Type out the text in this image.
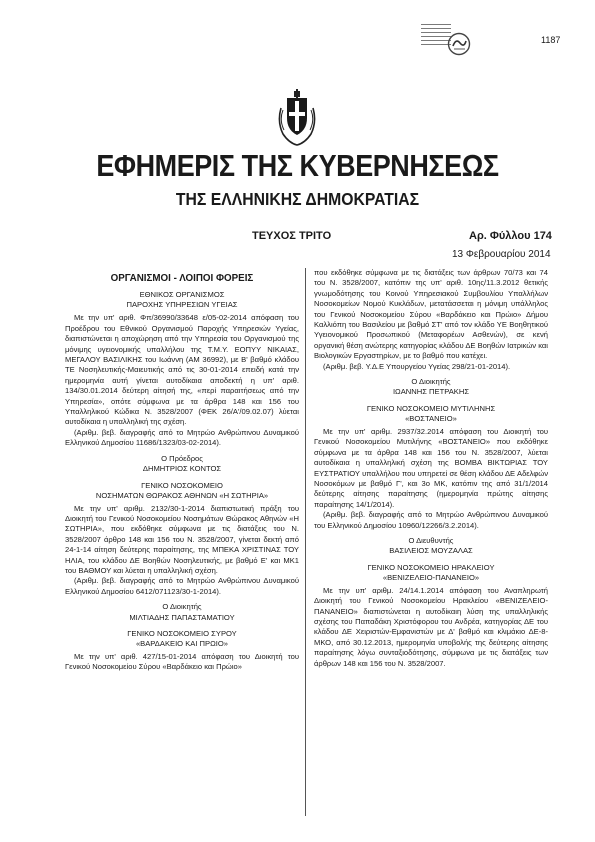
1187
ΕΦΗΜΕΡΙΣ ΤΗΣ ΚΥΒΕΡΝΗΣΕΩΣ
ΤΗΣ ΕΛΛΗΝΙΚΗΣ ΔΗΜΟΚΡΑΤΙΑΣ
ΤΕΥΧΟΣ ΤΡΙΤΟ	Αρ. Φύλλου 174
13 Φεβρουαρίου 2014
ΟΡΓΑΝΙΣΜΟΙ - ΛΟΙΠΟΙ ΦΟΡΕΙΣ
ΕΘΝΙΚΟΣ ΟΡΓΑΝΙΣΜΟΣ
ΠΑΡΟΧΗΣ ΥΠΗΡΕΣΙΩΝ ΥΓΕΙΑΣ

Με την υπ' αριθ. Φπ/36990/33648 ε/05-02-2014 απόφαση του Προέδρου του Εθνικού Οργανισμού Παροχής Υπηρεσιών Υγείας, διαπιστώνεται η αποχώρηση από την Υπηρεσία του Οργανισμού της μόνιμης υγειονομικής υπαλλήλου της Τ.Μ.Υ. ΕΟΠΥΥ ΝΙΚΑΙΑΣ, ΜΕΓΑΛΟΥ ΒΑΣΙΛΙΚΗΣ του Ιωάννη (ΑΜ 36992), με Β' βαθμό κλάδου ΤΕ Νοσηλευτικής-Μαιευτικής από τις 30-01-2014 επειδή κατά την ημερομηνία αυτή γίνεται αυτοδίκαια αποδεκτή η υπ' αριθ. 134/30.01.2014 δεύτερη αίτησή της, «περί παραιτήσεως από την Υπηρεσία», οπότε σύμφωνα με τα άρθρα 148 και 156 του Υπαλληλικού Κώδικα Ν. 3528/2007 (ΦΕΚ 26/Α'/09.02.07) λύεται αυτοδίκαια η υπαλληλική της σχέση.

(Αριθμ. βεβ. διαγραφής από το Μητρώο Ανθρώπινου Δυναμικού Ελληνικού Δημοσίου 11686/1323/03-02-2014).

Ο Πρόεδρος
ΔΗΜΗΤΡΙΟΣ ΚΟΝΤΟΣ
ΓΕΝΙΚΟ ΝΟΣΟΚΟΜΕΙΟ
ΝΟΣΗΜΑΤΩΝ ΘΩΡΑΚΟΣ ΑΘΗΝΩΝ «Η ΣΩΤΗΡΙΑ»

Με την υπ' αριθμ. 2132/30-1-2014 διαπιστωτική πράξη του Διοικητή του Γενικού Νοσοκομείου Νοσημάτων Θώρακος Αθηνών «Η ΣΩΤΗΡΙΑ», που εκδόθηκε σύμφωνα με τις διατάξεις του Ν. 3528/2007 άρθρο 148 και 156 του Ν. 3528/2007, γίνεται δεκτή από 24-1-14 αίτηση δεύτερης παραίτησης, της ΜΠΕΚΑ ΧΡΙΣΤΙΝΑΣ ΤΟΥ ΗΛΙΑ, του κλάδου ΔΕ Βοηθών Νοσηλευτικής, με βαθμό Ε' και ΜΚ1 του ΒΑΘΜΟΥ και λύεται η υπαλληλική σχέση.

(Αριθμ. βεβ. διαγραφής από το Μητρώο Ανθρώπινου Δυναμικού Ελληνικού Δημοσίου 6412/071123/30-1-2014).

Ο Διοικητής
ΜΙΛΤΙΑΔΗΣ ΠΑΠΑΣΤΑΜΑΤΙΟΥ
ΓΕΝΙΚΟ ΝΟΣΟΚΟΜΕΙΟ ΣΥΡΟΥ
«ΒΑΡΔΑΚΕΙΟ ΚΑΙ ΠΡΩΙΟ»

Με την υπ' αριθ. 427/15-01-2014 απόφαση του Διοικητή του Γενικού Νοσοκομείου Σύρου «Βαρδάκειο και Πρώιο»

που εκδόθηκε σύμφωνα με τις διατάξεις των άρθρων 70/73 και 74 του Ν. 3528/2007, κατόπιν της υπ' αριθ. 10ης/11.3.2012 θετικής γνωμοδότησης του Κοινού Υπηρεσιακού Συμβουλίου Υπαλλήλων Νοσοκομείων Νομού Κυκλάδων, μετατάσσεται η μόνιμη υπάλληλος του Γενικού Νοσοκομείου Σύρου «Βαρδάκειο και Πρώιο» Δήμου Καλλιόπη του Βασιλείου με βαθμό ΣΤ' από τον κλάδο ΥΕ Βοηθητικού Υγειονομικού Προσωπικού (Μεταφορέων Ασθενών), σε κενή οργανική θέση ανώτερης κατηγορίας κλάδου ΔΕ Βοηθών Ιατρικών και Βιολογικών Εργαστηρίων, με το βαθμό που κατέχει.

(Αριθμ. βεβ. Υ.Δ.Ε Υπουργείου Υγείας 298/21-01-2014).

Ο Διοικητής
ΙΩΑΝΝΗΣ ΠΕΤΡΑΚΗΣ
ΓΕΝΙΚΟ ΝΟΣΟΚΟΜΕΙΟ ΜΥΤΙΛΗΝΗΣ
«ΒΟΣΤΑΝΕΙΟ»

Με την υπ' αριθμ. 2937/32.2014 απόφαση του Διοικητή του Γενικού Νοσοκομείου Μυτιλήνης «ΒΟΣΤΑΝΕΙΟ» που εκδόθηκε σύμφωνα με τα άρθρα 148 και 156 του Ν. 3528/2007, λύεται αυτοδίκαια η υπαλληλική σχέση της ΒΟΜΒΑ ΒΙΚΤΩΡΙΑΣ ΤΟΥ ΕΥΣΤΡΑΤΙΟΥ υπαλλήλου που υπηρετεί σε θέση κλάδου ΔΕ Αδελφών Νοσοκόμων με βαθμό Γ', και 3ο ΜΚ, κατόπιν της από 31/1/2014 δεύτερης αίτησης παραίτησης (ημερομηνία πρώτης αίτησης παραίτησης 14/1/2014).

(Αριθμ. βεβ. διαγραφής από το Μητρώο Ανθρώπινου Δυναμικού του Ελληνικού Δημοσίου 10960/12266/3.2.2014).

Ο Διευθυντής
ΒΑΣΙΛΕΙΟΣ ΜΟΥΖΑΛΑΣ
ΓΕΝΙΚΟ ΝΟΣΟΚΟΜΕΙΟ ΗΡΑΚΛΕΙΟΥ
«ΒΕΝΙΖΕΛΕΙΟ-ΠΑΝΑΝΕΙΟ»

Με την υπ' αριθμ. 24/14.1.2014 απόφαση του Αναπληρωτή Διοικητή του Γενικού Νοσοκομείου Ηρακλείου «ΒΕΝΙΖΕΛΕΙΟ-ΠΑΝΑΝΕΙΟ» διαπιστώνεται η αυτοδίκαιη λύση της υπαλληλικής σχέσης του Παπαδάκη Χριστόφορου του Ανδρέα, κατηγορίας ΔΕ του κλάδου ΔΕ Χειριστών-Εμφανιστών με Δ' βαθμό και κλιμάκιο ΔΕ-8-ΜΚΟ, από 30.12.2013, ημερομηνία υποβολής της δεύτερης αίτησης παραίτησης λόγω συνταξιοδότησης, σύμφωνα με τις διατάξεις των άρθρων 148 και 156 του Ν. 3528/2007.
